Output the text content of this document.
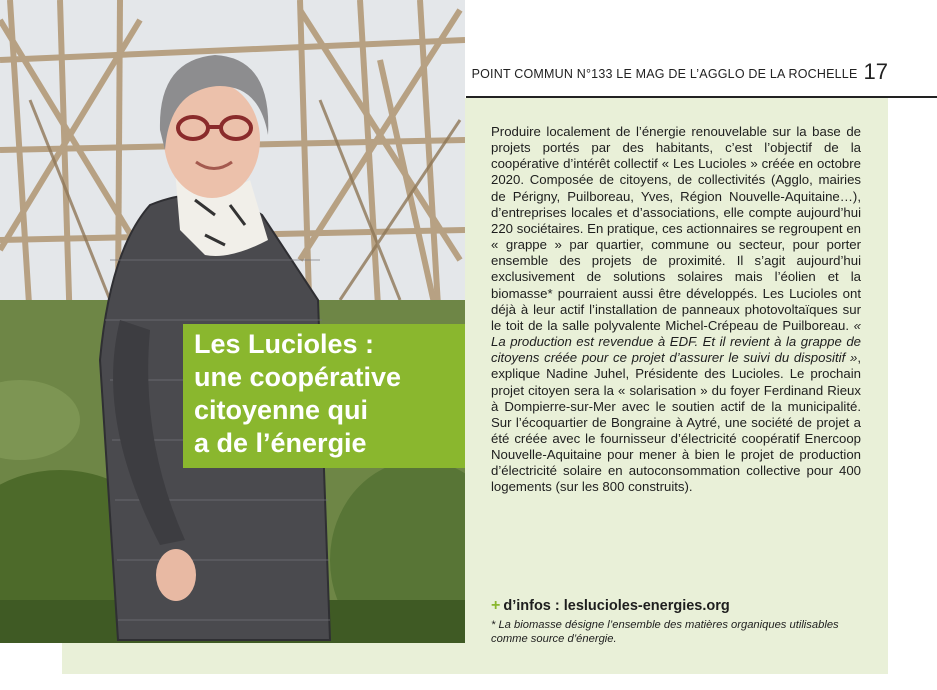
POINT COMMUN N°133 LE MAG DE L’AGGLO DE LA ROCHELLE 17
Les Lucioles :
une coopérative
citoyenne qui
a de l’énergie

Produire localement de l’énergie renouvelable sur la base de projets portés par des habitants, c’est l’objectif de la coopérative d’intérêt collectif « Les Lucioles » créée en octobre 2020. Composée de citoyens, de collectivités (Agglo, mairies de Périgny, Puilboreau, Yves, Région Nouvelle-Aquitaine…), d’entreprises locales et d’associations, elle compte aujourd’hui 220 sociétaires. En pratique, ces actionnaires se regroupent en « grappe » par quartier, commune ou secteur, pour porter ensemble des projets de proximité. Il s’agit aujourd’hui exclusivement de solutions solaires mais l’éolien et la biomasse* pourraient aussi être développés. Les Lucioles ont déjà à leur actif l’installation de panneaux photovoltaïques sur le toit de la salle polyvalente Michel-Crépeau de Puilboreau. « La production est revendue à EDF. Et il revient à la grappe de citoyens créée pour ce projet d’assurer le suivi du dispositif », explique Nadine Juhel, Présidente des Lucioles. Le prochain projet citoyen sera la « solarisation » du foyer Ferdinand Rieux à Dompierre-sur-Mer avec le soutien actif de la municipalité. Sur l’écoquartier de Bongraine à Aytré, une société de projet a été créée avec le fournisseur d’électricité coopératif Enercoop Nouvelle-Aquitaine pour mener à bien le projet de production d’électricité solaire en autoconsommation collective pour 400 logements (sur les 800 construits).

+ d’infos : leslucioles-energies.org
* La biomasse désigne l’ensemble des matières organiques utilisables comme source d’énergie.
